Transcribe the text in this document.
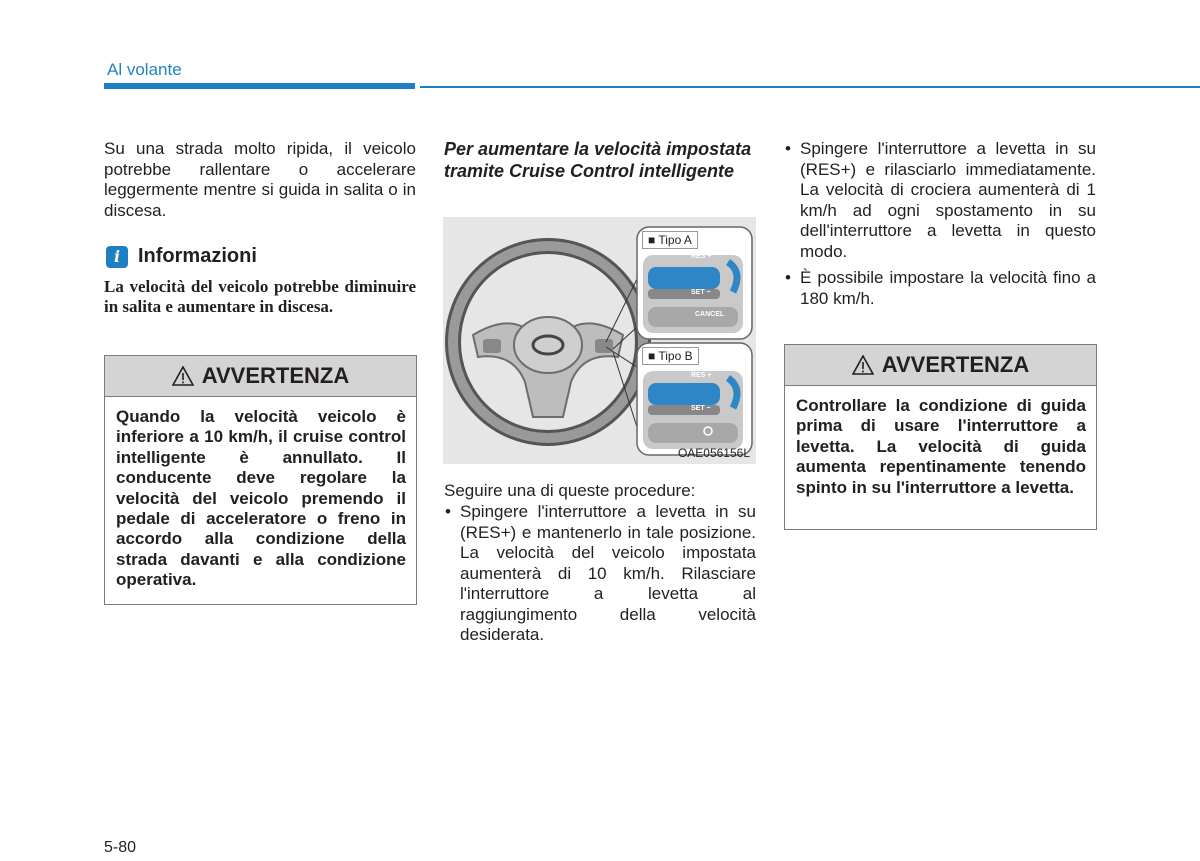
Al volante
Su una strada molto ripida, il veicolo potrebbe rallentare o accelerare leggermente mentre si guida in salita o in discesa.
i Informazioni
La velocità del veicolo potrebbe diminuire in salita e aumentare in discesa.
AVVERTENZA
Quando la velocità veicolo è inferiore a 10 km/h, il cruise control intelligente è annullato. Il conducente deve regolare la velocità del veicolo premendo il pedale di acceleratore o freno in accordo alla condizione della strada davanti e alla condizione operativa.
Per aumentare la velocità impostata tramite Cruise Control intelligente
■ Tipo A
■ Tipo B
RES +
SET −
CANCEL
RES +
SET −
OAE056156L
Seguire una di queste procedure:
• Spingere l'interruttore a levetta in su (RES+) e mantenerlo in tale posizione. La velocità del veicolo impostata aumenterà di 10 km/h. Rilasciare l'interruttore a levetta al raggiungimento della velocità desiderata.
• Spingere l'interruttore a levetta in su (RES+) e rilasciarlo immediatamente. La velocità di crociera aumenterà di 1 km/h ad ogni spostamento in su dell'interruttore a levetta in questo modo.
• È possibile impostare la velocità fino a 180 km/h.
AVVERTENZA
Controllare la condizione di guida prima di usare l'interruttore a levetta. La velocità di guida aumenta repentinamente tenendo spinto in su l'interruttore a levetta.
5-80
